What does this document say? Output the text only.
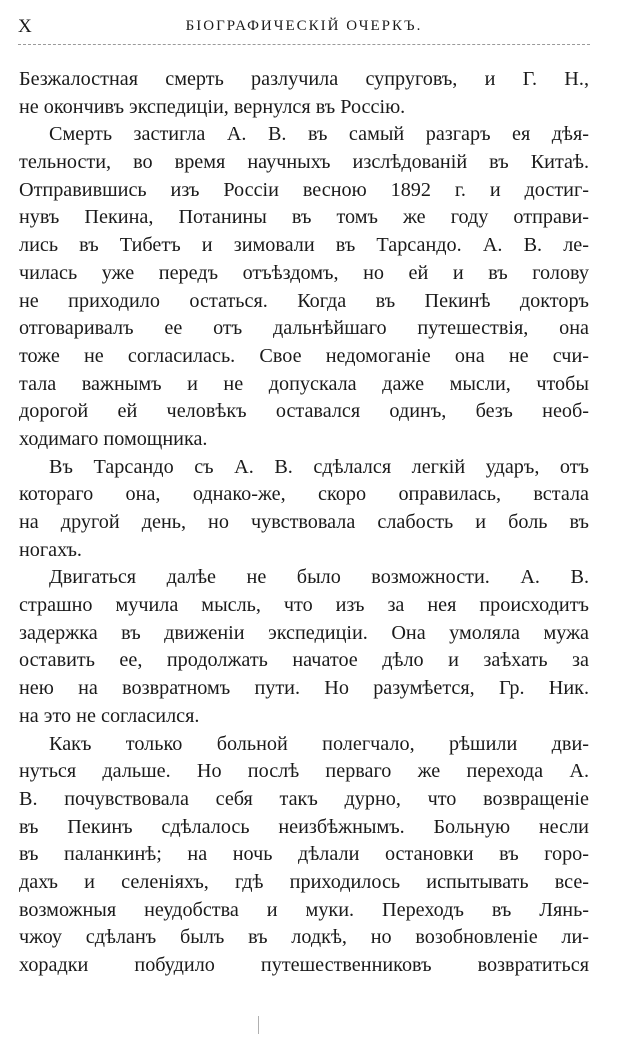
X	БІОГРАФИЧЕСКІЙ ОЧЕРКЪ.
Безжалостная смерть разлучила супруговъ, и Г. Н.,
не окончивъ экспедиціи, вернулся въ Россію.
Смерть застигла А. В. въ самый разгаръ ея дѣя-
тельности, во время научныхъ изслѣдованій въ Китаѣ.
Отправившись изъ Россіи весною 1892 г. и достиг-
нувъ Пекина, Потанины въ томъ же году отправи-
лись въ Тибетъ и зимовали въ Тарсандо. А. В. ле-
чилась уже передъ отъѣздомъ, но ей и въ голову
не приходило остаться. Когда въ Пекинѣ докторъ
отговаривалъ ее отъ дальнѣйшаго путешествія, она
тоже не согласилась. Свое недомоганіе она не счи-
тала важнымъ и не допускала даже мысли, чтобы
дорогой ей человѣкъ оставался одинъ, безъ необ-
ходимаго помощника.
Въ Тарсандо съ А. В. сдѣлался легкій ударъ, отъ
котораго она, однако-же, скоро оправилась, встала
на другой день, но чувствовала слабость и боль въ
ногахъ.
Двигаться далѣе не было возможности. А. В.
страшно мучила мысль, что изъ за нея происходитъ
задержка въ движеніи экспедиціи. Она умоляла мужа
оставить ее, продолжать начатое дѣло и заѣхать за
нею на возвратномъ пути. Но разумѣется, Гр. Ник.
на это не согласился.
Какъ только больной полегчало, рѣшили дви-
нуться дальше. Но послѣ перваго же перехода А.
В. почувствовала себя такъ дурно, что возвращеніе
въ Пекинъ сдѣлалось неизбѣжнымъ. Больную несли
въ паланкинѣ; на ночь дѣлали остановки въ горо-
дахъ и селеніяхъ, гдѣ приходилось испытывать все-
возможныя неудобства и муки. Переходъ въ Лянь-
чжоу сдѣланъ былъ въ лодкѣ, но возобновленіе ли-
хорадки побудило путешественниковъ возвратиться
